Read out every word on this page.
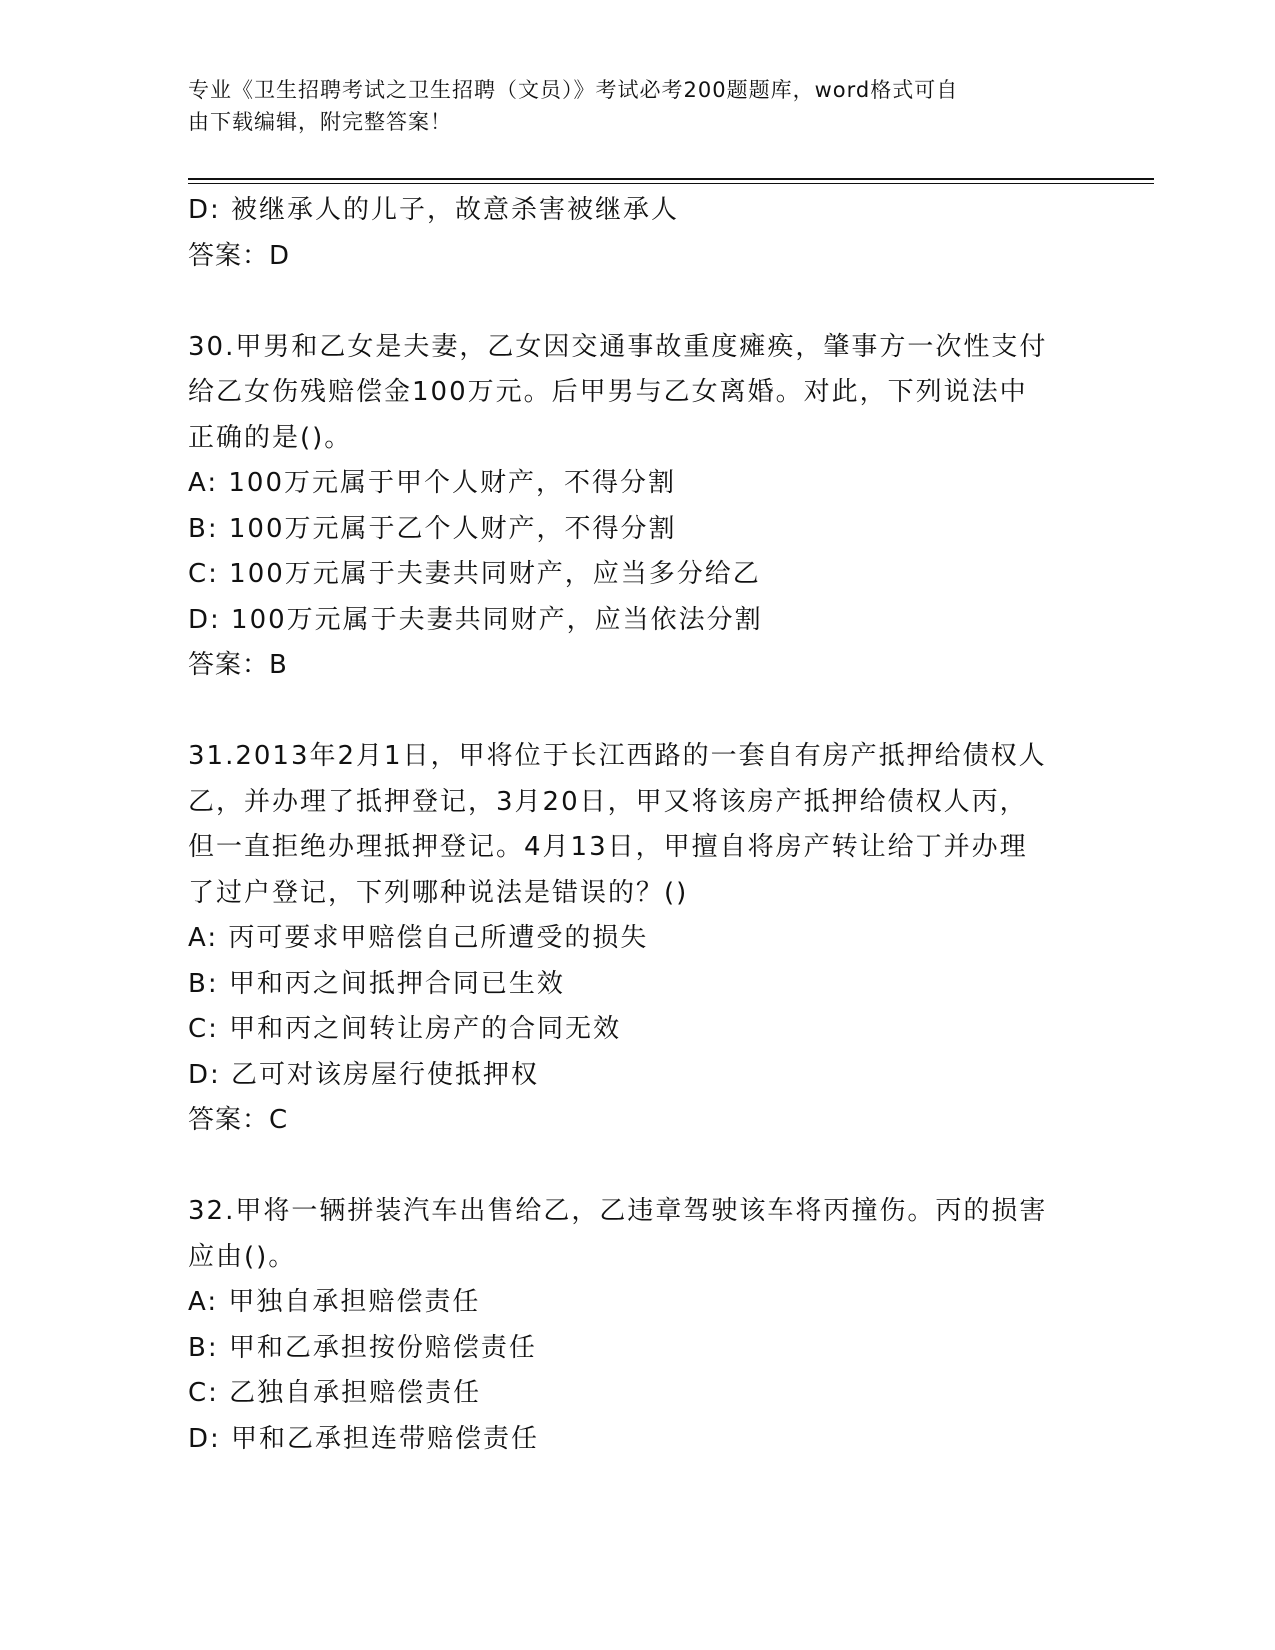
专业《卫生招聘考试之卫生招聘（文员）》考试必考200题题库，word格式可自
由下载编辑，附完整答案！
D: 被继承人的儿子，故意杀害被继承人
答案：D
30.甲男和乙女是夫妻，乙女因交通事故重度瘫痪，肇事方一次性支付
给乙女伤残赔偿金100万元。后甲男与乙女离婚。对此，下列说法中
正确的是()。
A: 100万元属于甲个人财产，不得分割
B: 100万元属于乙个人财产，不得分割
C: 100万元属于夫妻共同财产，应当多分给乙
D: 100万元属于夫妻共同财产，应当依法分割
答案：B
31.2013年2月1日，甲将位于长江西路的一套自有房产抵押给债权人
乙，并办理了抵押登记，3月20日，甲又将该房产抵押给债权人丙，
但一直拒绝办理抵押登记。4月13日，甲擅自将房产转让给丁并办理
了过户登记，下列哪种说法是错误的？()
A: 丙可要求甲赔偿自己所遭受的损失
B: 甲和丙之间抵押合同已生效
C: 甲和丙之间转让房产的合同无效
D: 乙可对该房屋行使抵押权
答案：C
32.甲将一辆拼装汽车出售给乙，乙违章驾驶该车将丙撞伤。丙的损害
应由()。
A: 甲独自承担赔偿责任
B: 甲和乙承担按份赔偿责任
C: 乙独自承担赔偿责任
D: 甲和乙承担连带赔偿责任
